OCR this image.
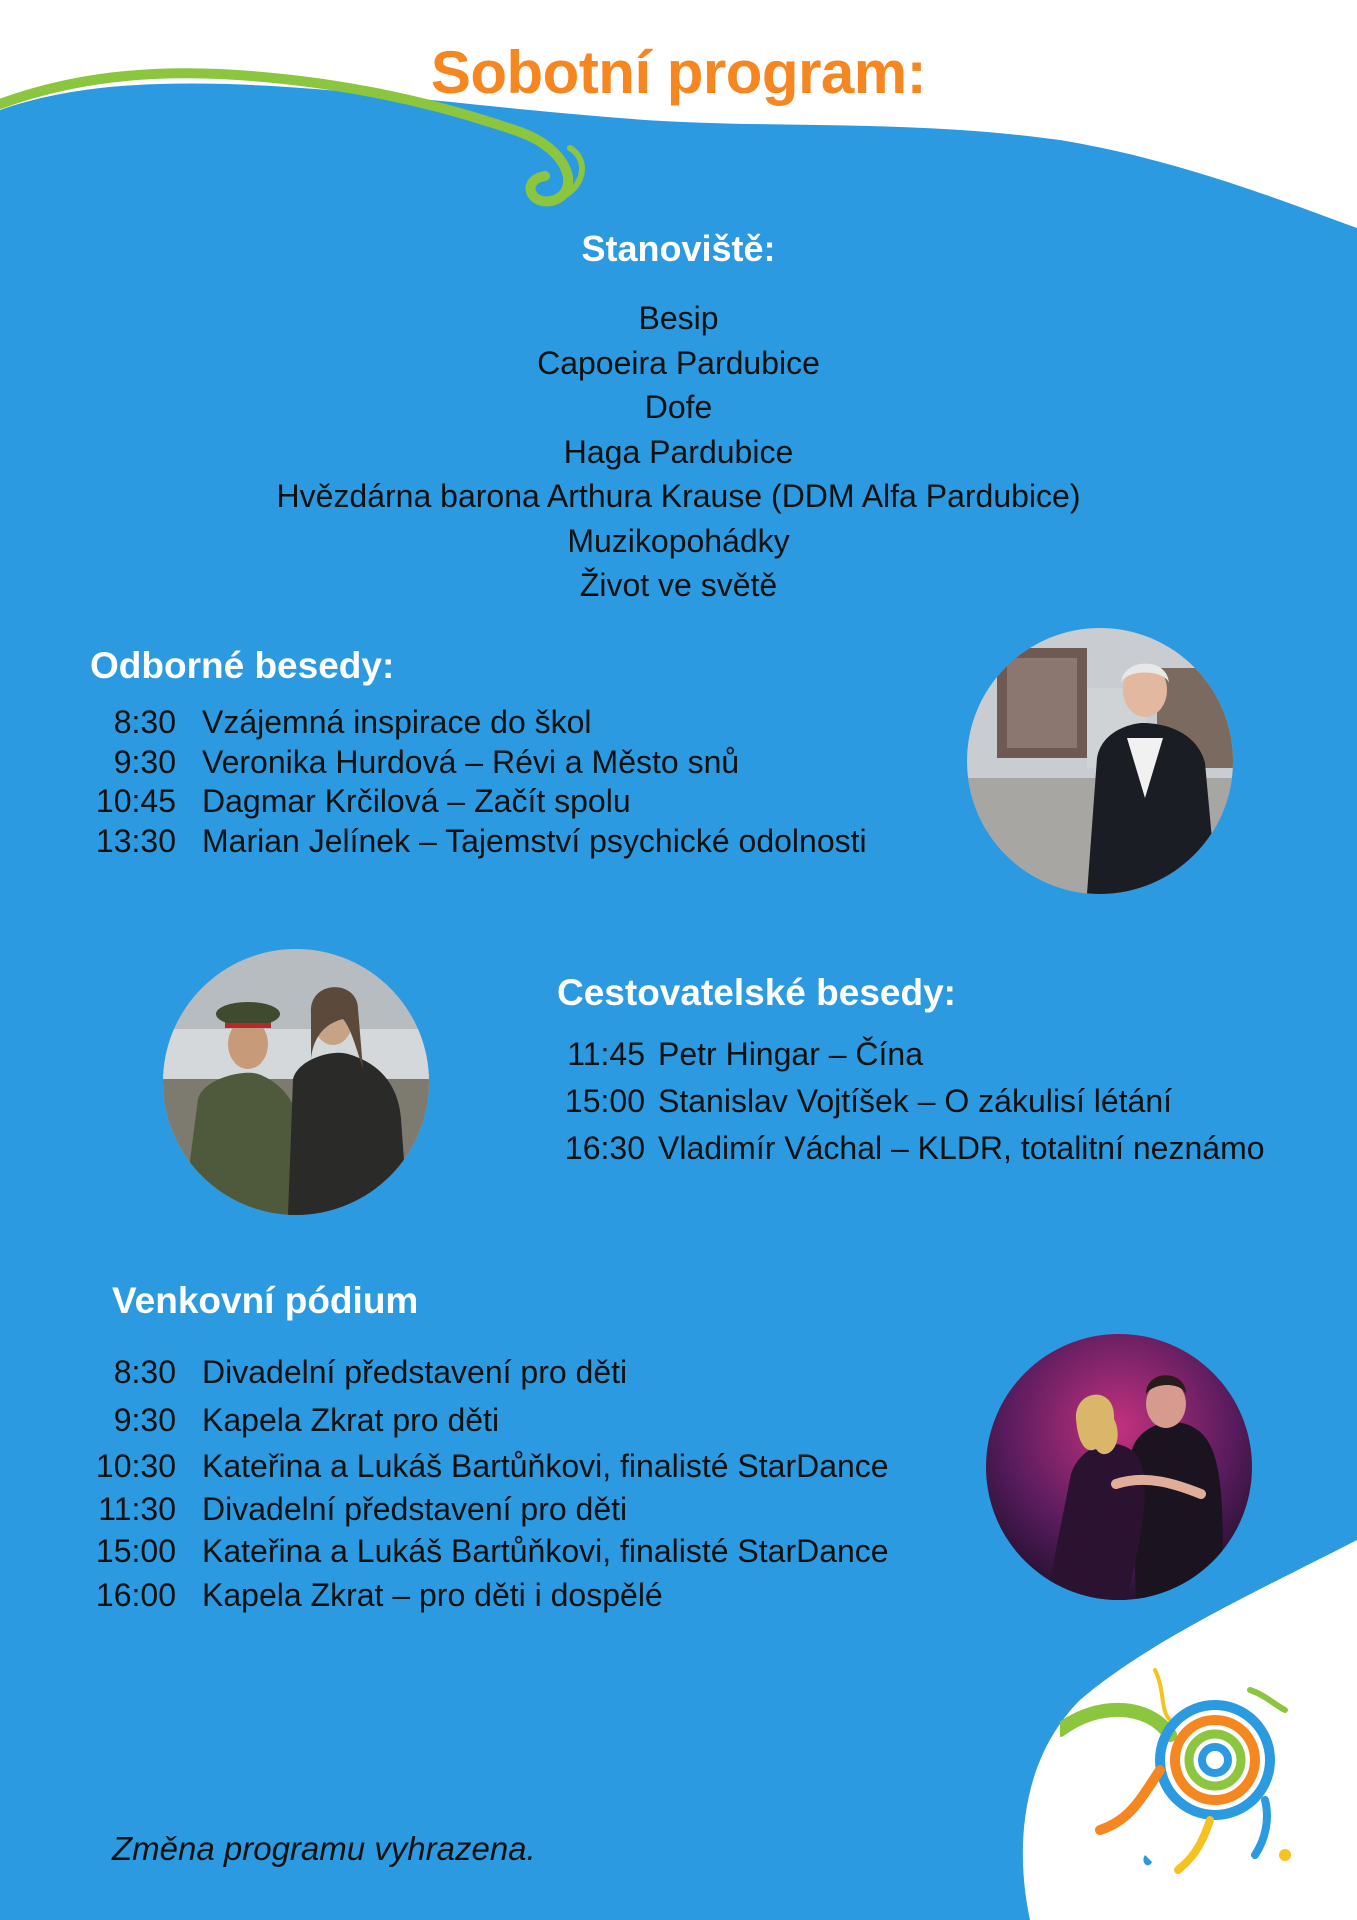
Sobotní program:
Stanoviště:
Besip
Capoeira Pardubice
Dofe
Haga Pardubice
Hvězdárna barona Arthura Krause (DDM Alfa Pardubice)
Muzikopohádky
Život ve světě
Odborné besedy:
8:30 Vzájemná inspirace do škol
9:30 Veronika Hurdová – Révi a Město snů
10:45 Dagmar Krčilová – Začít spolu
13:30 Marian Jelínek – Tajemství psychické odolnosti
Cestovatelské besedy:
11:45 Petr Hingar – Čína
15:00 Stanislav Vojtíšek – O zákulisí létání
16:30 Vladimír Váchal – KLDR, totalitní neznámo
Venkovní pódium
8:30 Divadelní představení pro děti
9:30 Kapela Zkrat pro děti
10:30 Kateřina a Lukáš Bartůňkovi, finalisté StarDance
11:30 Divadelní představení pro děti
15:00 Kateřina a Lukáš Bartůňkovi, finalisté StarDance
16:00 Kapela Zkrat – pro děti i dospělé
Změna programu vyhrazena.
